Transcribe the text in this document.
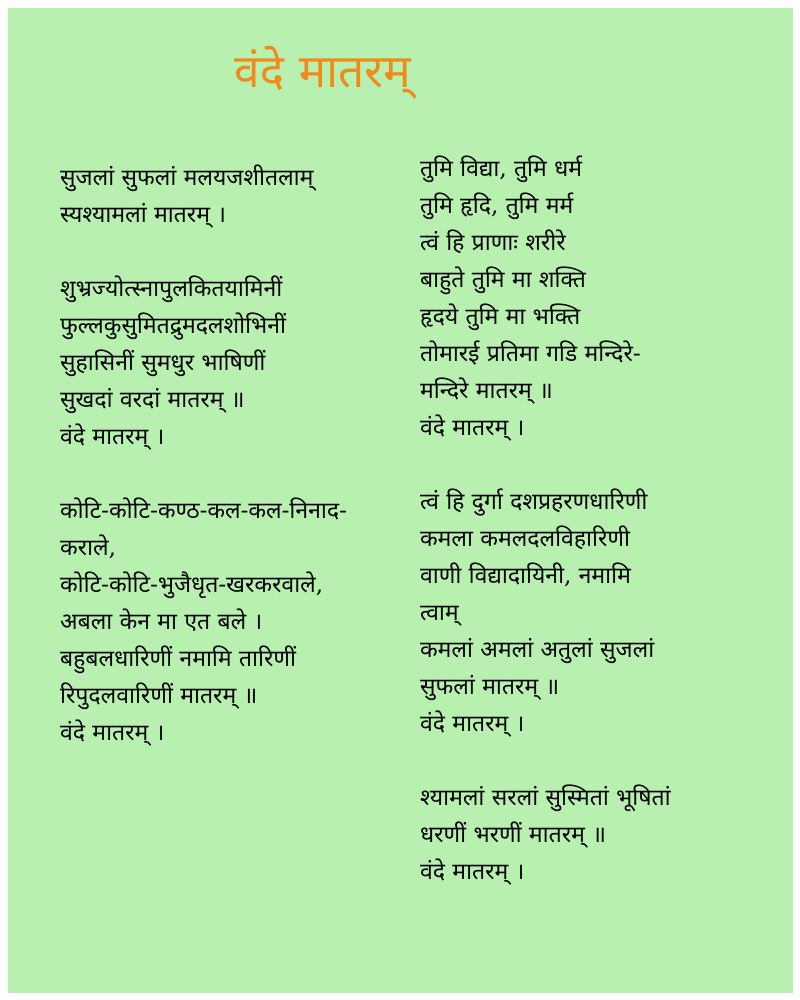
वंदे मातरम्
सुजलां सुफलां मलयजशीतलाम्
स्यश्यामलां मातरम् ।
शुभ्रज्योत्स्नापुलकितयामिनीं
फुल्लकुसुमितद्रुमदलशोभिनीं
सुहासिनीं सुमधुर भाषिणीं
सुखदां वरदां मातरम् ॥
वंदे मातरम् ।
कोटि-कोटि-कण्ठ-कल-कल-निनाद-
कराले,
कोटि-कोटि-भुजैधृत-खरकरवाले,
अबला केन मा एत बले ।
बहुबलधारिणीं नमामि तारिणीं
रिपुदलवारिणीं मातरम् ॥
वंदे मातरम् ।
तुमि विद्या, तुमि धर्म
तुमि हृदि, तुमि मर्म
त्वं हि प्राणाः शरीरे
बाहुते तुमि मा शक्ति
हृदये तुमि मा भक्ति
तोमारई प्रतिमा गडि मन्दिरे-
मन्दिरे मातरम् ॥
वंदे मातरम् ।
त्वं हि दुर्गा दशप्रहरणधारिणी
कमला कमलदलविहारिणी
वाणी विद्यादायिनी, नमामि
त्वाम्
कमलां अमलां अतुलां सुजलां
सुफलां मातरम् ॥
वंदे मातरम् ।
श्यामलां सरलां सुस्मितां भूषितां
धरणीं भरणीं मातरम् ॥
वंदे मातरम् ।
